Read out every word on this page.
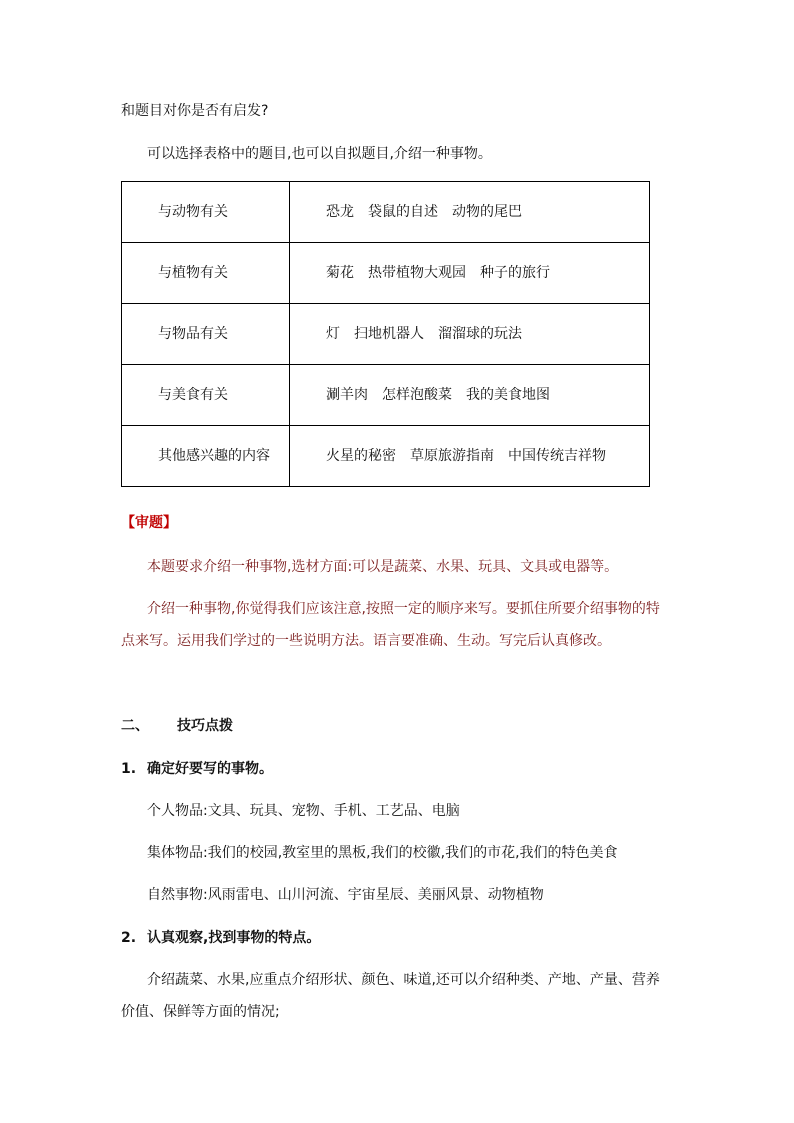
和题目对你是否有启发?
可以选择表格中的题目,也可以自拟题目,介绍一种事物。
与动物有关	恐龙　袋鼠的自述　动物的尾巴
与植物有关	菊花　热带植物大观园　种子的旅行
与物品有关	灯　扫地机器人　溜溜球的玩法
与美食有关	涮羊肉　怎样泡酸菜　我的美食地图
其他感兴趣的内容	火星的秘密　草原旅游指南　中国传统吉祥物
【审题】
本题要求介绍一种事物,选材方面:可以是蔬菜、水果、玩具、文具或电器等。
介绍一种事物,你觉得我们应该注意,按照一定的顺序来写。要抓住所要介绍事物的特
点来写。运用我们学过的一些说明方法。语言要准确、生动。写完后认真修改。
二、 技巧点拨
1. 确定好要写的事物。
个人物品:文具、玩具、宠物、手机、工艺品、电脑
集体物品:我们的校园,教室里的黑板,我们的校徽,我们的市花,我们的特色美食
自然事物:风雨雷电、山川河流、宇宙星辰、美丽风景、动物植物
2. 认真观察,找到事物的特点。
介绍蔬菜、水果,应重点介绍形状、颜色、味道,还可以介绍种类、产地、产量、营养
价值、保鲜等方面的情况;
